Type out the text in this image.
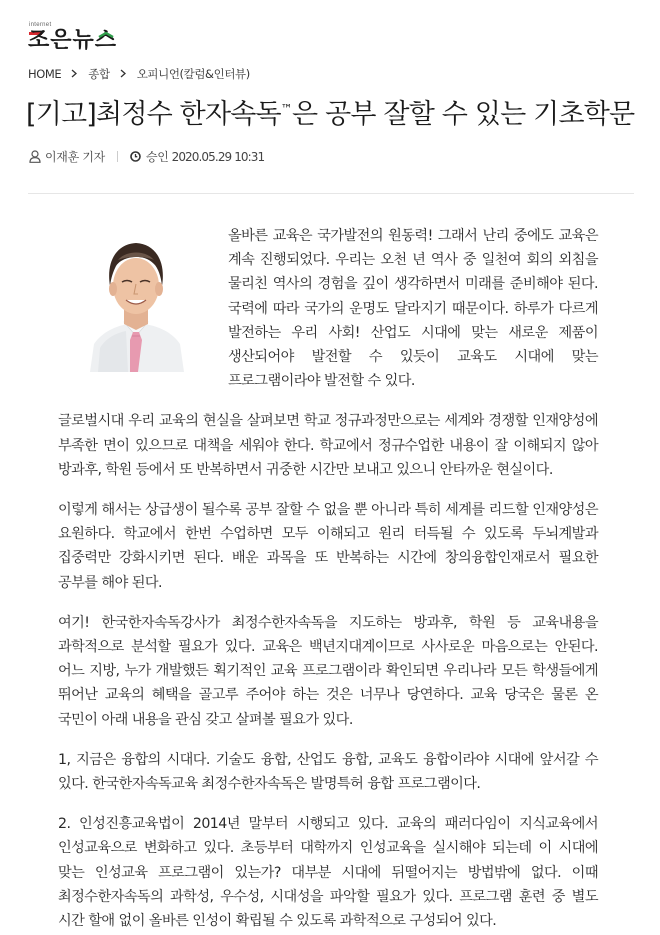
internet
조은뉴스
HOME 종합 오피니언(칼럼&인터뷰)
[기고]최정수 한자속독™은 공부 잘할 수 있는 기초학문
이재훈 기자	승인 2020.05.29 10:31

올바른 교육은 국가발전의 원동력! 그래서 난리 중에도 교육은 계속 진행되었다. 우리는 오천 년 역사 중 일천여 회의 외침을 물리친 역사의 경험을 깊이 생각하면서 미래를 준비해야 된다. 국력에 따라 국가의 운명도 달라지기 때문이다. 하루가 다르게 발전하는 우리 사회! 산업도 시대에 맞는 새로운 제품이 생산되어야 발전할 수 있듯이 교육도 시대에 맞는 프로그램이라야 발전할 수 있다.

글로벌시대 우리 교육의 현실을 살펴보면 학교 정규과정만으로는 세계와 경쟁할 인재양성에 부족한 면이 있으므로 대책을 세워야 한다. 학교에서 정규수업한 내용이 잘 이해되지 않아 방과후, 학원 등에서 또 반복하면서 귀중한 시간만 보내고 있으니 안타까운 현실이다.

이렇게 해서는 상급생이 될수록 공부 잘할 수 없을 뿐 아니라 특히 세계를 리드할 인재양성은 요원하다. 학교에서 한번 수업하면 모두 이해되고 원리 터득될 수 있도록 두뇌계발과 집중력만 강화시키면 된다. 배운 과목을 또 반복하는 시간에 창의융합인재로서 필요한 공부를 해야 된다.

여기! 한국한자속독강사가 최정수한자속독을 지도하는 방과후, 학원 등 교육내용을 과학적으로 분석할 필요가 있다. 교육은 백년지대계이므로 사사로운 마음으로는 안된다. 어느 지방, 누가 개발했든 획기적인 교육 프로그램이라 확인되면 우리나라 모든 학생들에게 뛰어난 교육의 혜택을 골고루 주어야 하는 것은 너무나 당연하다. 교육 당국은 물론 온 국민이 아래 내용을 관심 갖고 살펴볼 필요가 있다.

1, 지금은 융합의 시대다. 기술도 융합, 산업도 융합, 교육도 융합이라야 시대에 앞서갈 수 있다. 한국한자속독교육 최정수한자속독은 발명특허 융합 프로그램이다.

2. 인성진흥교육법이 2014년 말부터 시행되고 있다. 교육의 패러다임이 지식교육에서 인성교육으로 변화하고 있다. 초등부터 대학까지 인성교육을 실시해야 되는데 이 시대에 맞는 인성교육 프로그램이 있는가? 대부분 시대에 뒤떨어지는 방법밖에 없다. 이때 최정수한자속독의 과학성, 우수성, 시대성을 파악할 필요가 있다. 프로그램 훈련 중 별도 시간 할애 없이 올바른 인성이 확립될 수 있도록 과학적으로 구성되어 있다.
